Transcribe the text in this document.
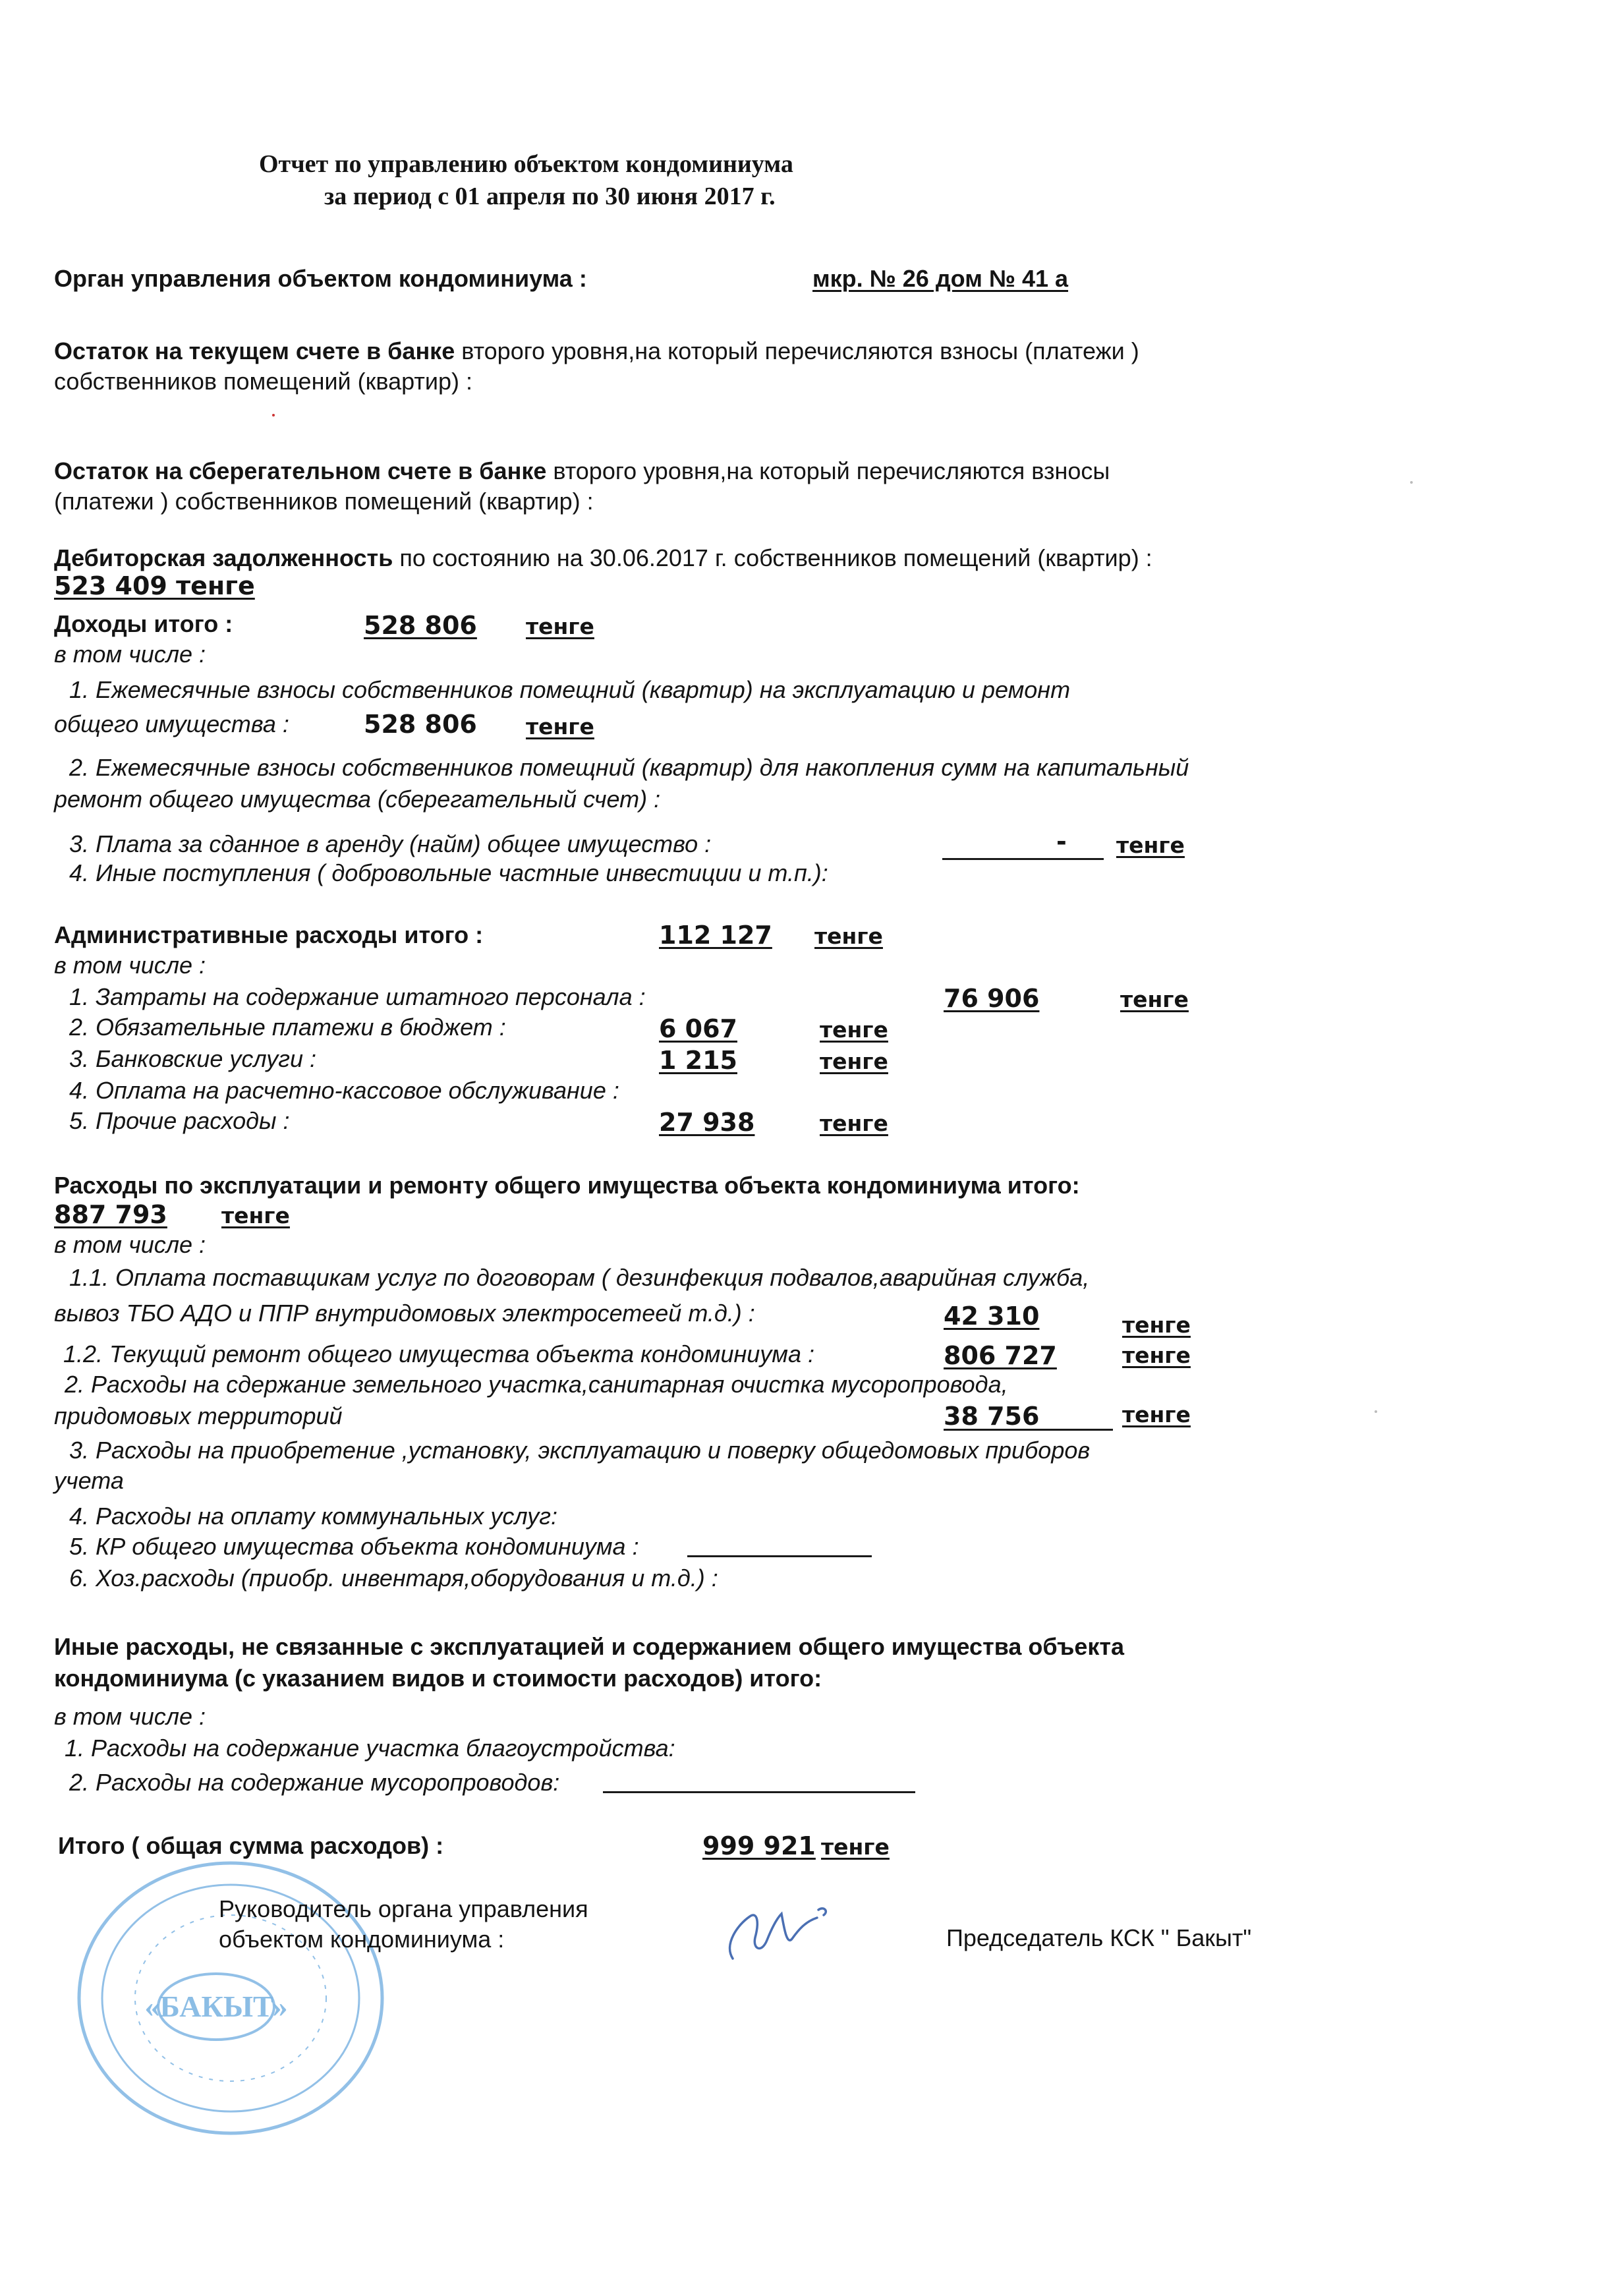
Отчет по управлению объектом кондоминиума
за период с 01 апреля по 30 июня 2017 г.
Орган управления объектом кондоминиума :	мкр. № 26 дом № 41 а
Остаток на текущем счете в банке второго уровня,на который перечисляются взносы (платежи )
собственников помещений (квартир) :
Остаток на сберегательном счете в банке второго уровня,на который перечисляются взносы
(платежи ) собственников помещений (квартир) :
Дебиторская задолженность по состоянию на 30.06.2017 г. собственников помещений (квартир) :
523 409 тенге
Доходы итого :	528 806 тенге
в том числе :
1. Ежемесячные взносы собственников помещний (квартир) на эксплуатацию и ремонт
общего имущества :	528 806 тенге
2. Ежемесячные взносы собственников помещний (квартир) для накопления сумм на капитальный
ремонт общего имущества (сберегательный счет) :
3. Плата за сданное в аренду (найм) общее имущество :	- тенге
4. Иные поступления ( добровольные частные инвестиции и т.п.):
Административные расходы итого :	112 127 тенге
в том числе :
1. Затраты на содержание штатного персонала :	76 906	тенге
2. Обязательные платежи в бюджет :	6 067	тенге
3. Банковские услуги :	1 215	тенге
4. Оплата на расчетно-кассовое обслуживание :
5. Прочие расходы :	27 938	тенге
Расходы по эксплуатации и ремонту общего имущества объекта кондоминиума итого:
887 793 тенге
в том числе :
1.1. Оплата поставщикам услуг по договорам ( дезинфекция подвалов,аварийная служба,
вывоз ТБО АДО и ППР внутридомовых электросетеей т.д.) :	42 310	тенге
1.2. Текущий ремонт общего имущества объекта кондоминиума :	806 727	тенге
2. Расходы на сдержание земельного участка,санитарная очистка мусоропровода,
придомовых территорий	38 756	тенге
3. Расходы на приобретение ,установку, эксплуатацию и поверку общедомовых приборов
учета
4. Расходы на оплату коммунальных услуг:
5. КР общего имущества объекта кондоминиума :
6. Хоз.расходы (приобр. инвентаря,оборудования и т.д.) :
Иные расходы, не связанные с эксплуатацией и содержанием общего имущества объекта
кондоминиума (с указанием видов и стоимости расходов) итого:
в том числе :
1. Расходы на содержание участка благоустройства:
2. Расходы на содержание мусоропроводов:
Итого ( общая сумма расходов) :	999 921 тенге
«БАКЫТ»
Руководитель органа управления
объектом кондоминиума :	Председатель КСК " Бакыт"
